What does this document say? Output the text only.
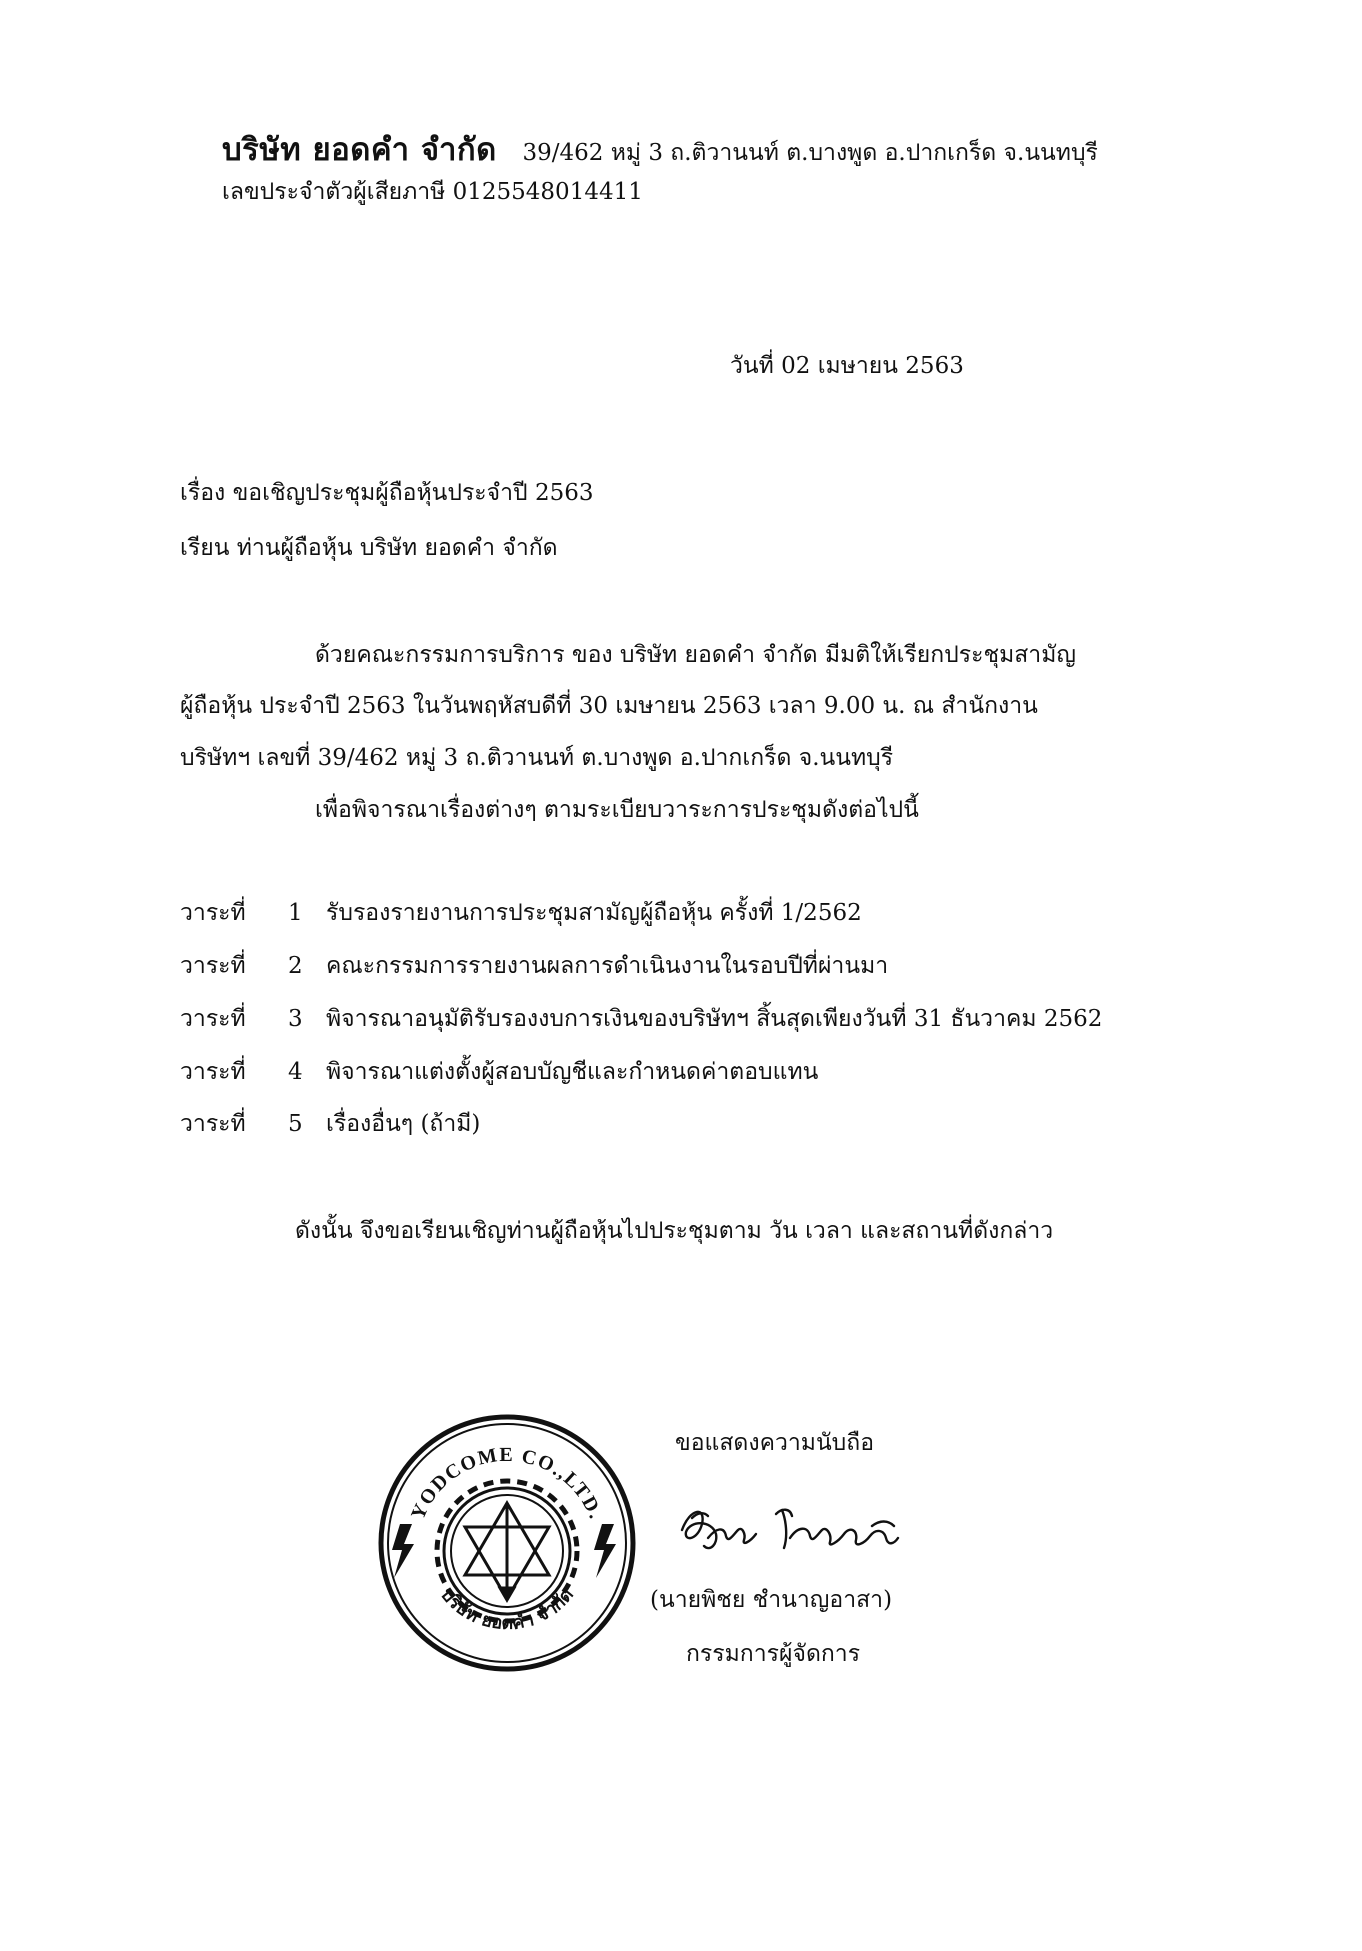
บริษัท ยอดคำ จำกัด 39/462 หมู่ 3 ถ.ติวานนท์ ต.บางพูด อ.ปากเกร็ด จ.นนทบุรี
เลขประจำตัวผู้เสียภาษี 0125548014411
วันที่ 02 เมษายน 2563
เรื่อง ขอเชิญประชุมผู้ถือหุ้นประจำปี 2563
เรียน ท่านผู้ถือหุ้น บริษัท ยอดคำ จำกัด
ด้วยคณะกรรมการบริการ ของ บริษัท ยอดคำ จำกัด มีมติให้เรียกประชุมสามัญ
ผู้ถือหุ้น ประจำปี 2563 ในวันพฤหัสบดีที่ 30 เมษายน 2563 เวลา 9.00 น. ณ สำนักงาน
บริษัทฯ เลขที่ 39/462 หมู่ 3 ถ.ติวานนท์ ต.บางพูด อ.ปากเกร็ด จ.นนทบุรี
เพื่อพิจารณาเรื่องต่างๆ ตามระเบียบวาระการประชุมดังต่อไปนี้
วาระที่ 1 รับรองรายงานการประชุมสามัญผู้ถือหุ้น ครั้งที่ 1/2562
วาระที่ 2 คณะกรรมการรายงานผลการดำเนินงานในรอบปีที่ผ่านมา
วาระที่ 3 พิจารณาอนุมัติรับรองงบการเงินของบริษัทฯ สิ้นสุดเพียงวันที่ 31 ธันวาคม 2562
วาระที่ 4 พิจารณาแต่งตั้งผู้สอบบัญชีและกำหนดค่าตอบแทน
วาระที่ 5 เรื่องอื่นๆ (ถ้ามี)
ดังนั้น จึงขอเรียนเชิญท่านผู้ถือหุ้นไปประชุมตาม วัน เวลา และสถานที่ดังกล่าว
YODCOME CO.,LTD.
บริษัท ยอดคำ จำกัด
ขอแสดงความนับถือ
(นายพิชย ชำนาญอาสา)
กรรมการผู้จัดการ
